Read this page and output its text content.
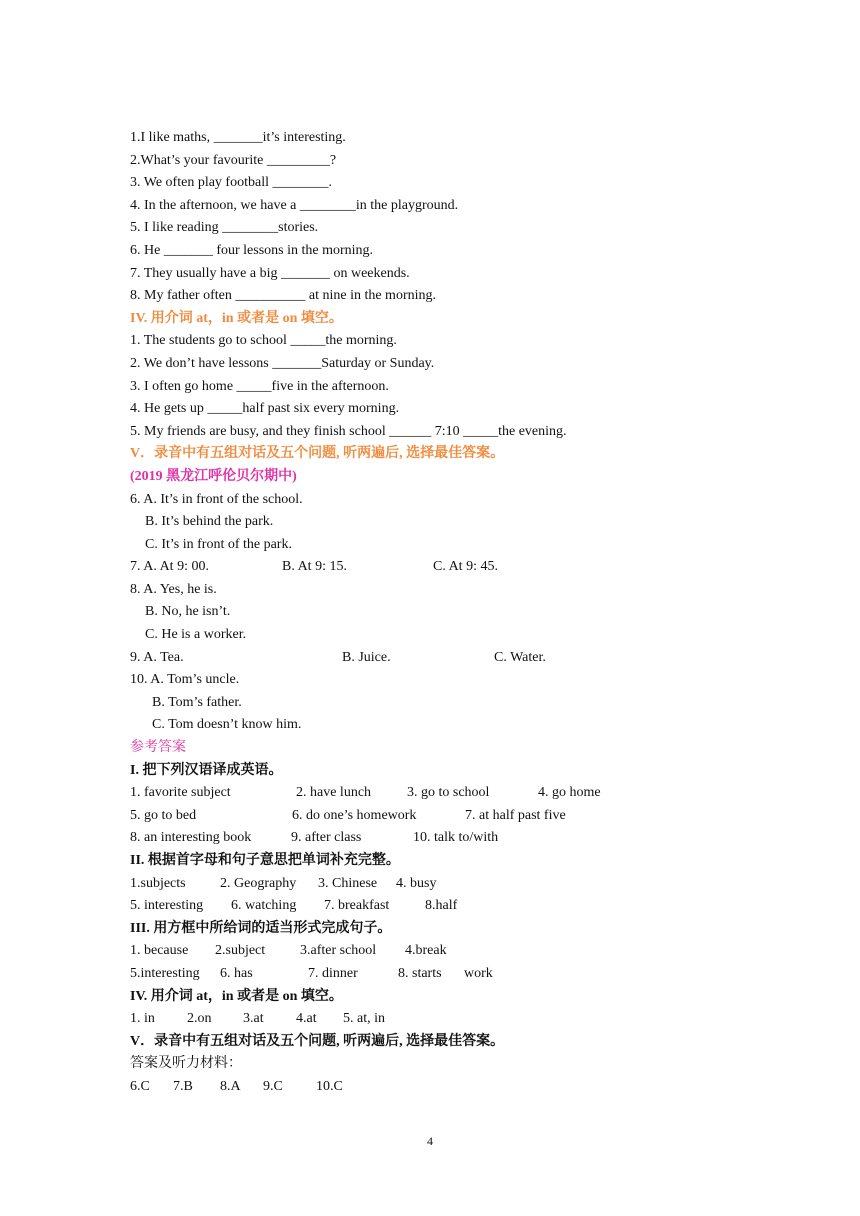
1.I like maths, _______it’s interesting.
2.What’s your favourite _________?
3. We often play football ________.
4. In the afternoon, we have a ________in the playground.
5. I like reading ________stories.
6. He _______ four lessons in the morning.
7. They usually have a big _______ on weekends.
8. My father often __________ at nine in the morning.
IV. 用介词 at，in 或者是 on 填空。
1. The students go to school _____the morning.
2. We don’t have lessons _______Saturday or Sunday.
3. I often go home _____five in the afternoon.
4. He gets up _____half past six every morning.
5. My friends are busy, and they finish school ______ 7:10 _____the evening.
V．录音中有五组对话及五个问题, 听两遍后, 选择最佳答案。
(2019 黑龙江呼伦贝尔期中)
6. A. It’s in front of the school.
B. It’s behind the park.
C. It’s in front of the park.
7. A. At 9: 00.	B. At 9: 15.	C. At 9: 45.
8. A. Yes, he is.
B. No, he isn’t.
C. He is a worker.
9. A. Tea.	B. Juice.	C. Water.
10. A. Tom’s uncle.
B. Tom’s father.
C. Tom doesn’t know him.
参考答案
I. 把下列汉语译成英语。
1. favorite subject	2. have lunch	3. go to school	4. go home
5. go to bed	6. do one’s homework	7. at half past five
8. an interesting book	9. after class	10. talk to/with
II. 根据首字母和句子意思把单词补充完整。
1.subjects	2. Geography	3. Chinese	4. busy
5. interesting	6. watching	7. breakfast	8.half
III. 用方框中所给词的适当形式完成句子。
1. because	2.subject	3.after school	4.break
5.interesting	6. has	7. dinner	8. starts	work
IV. 用介词 at，in 或者是 on 填空。
1. in	2.on	3.at	4.at	5. at, in
V．录音中有五组对话及五个问题, 听两遍后, 选择最佳答案。
答案及听力材料：
6.C	7.B	8.A	9.C	10.C
4
